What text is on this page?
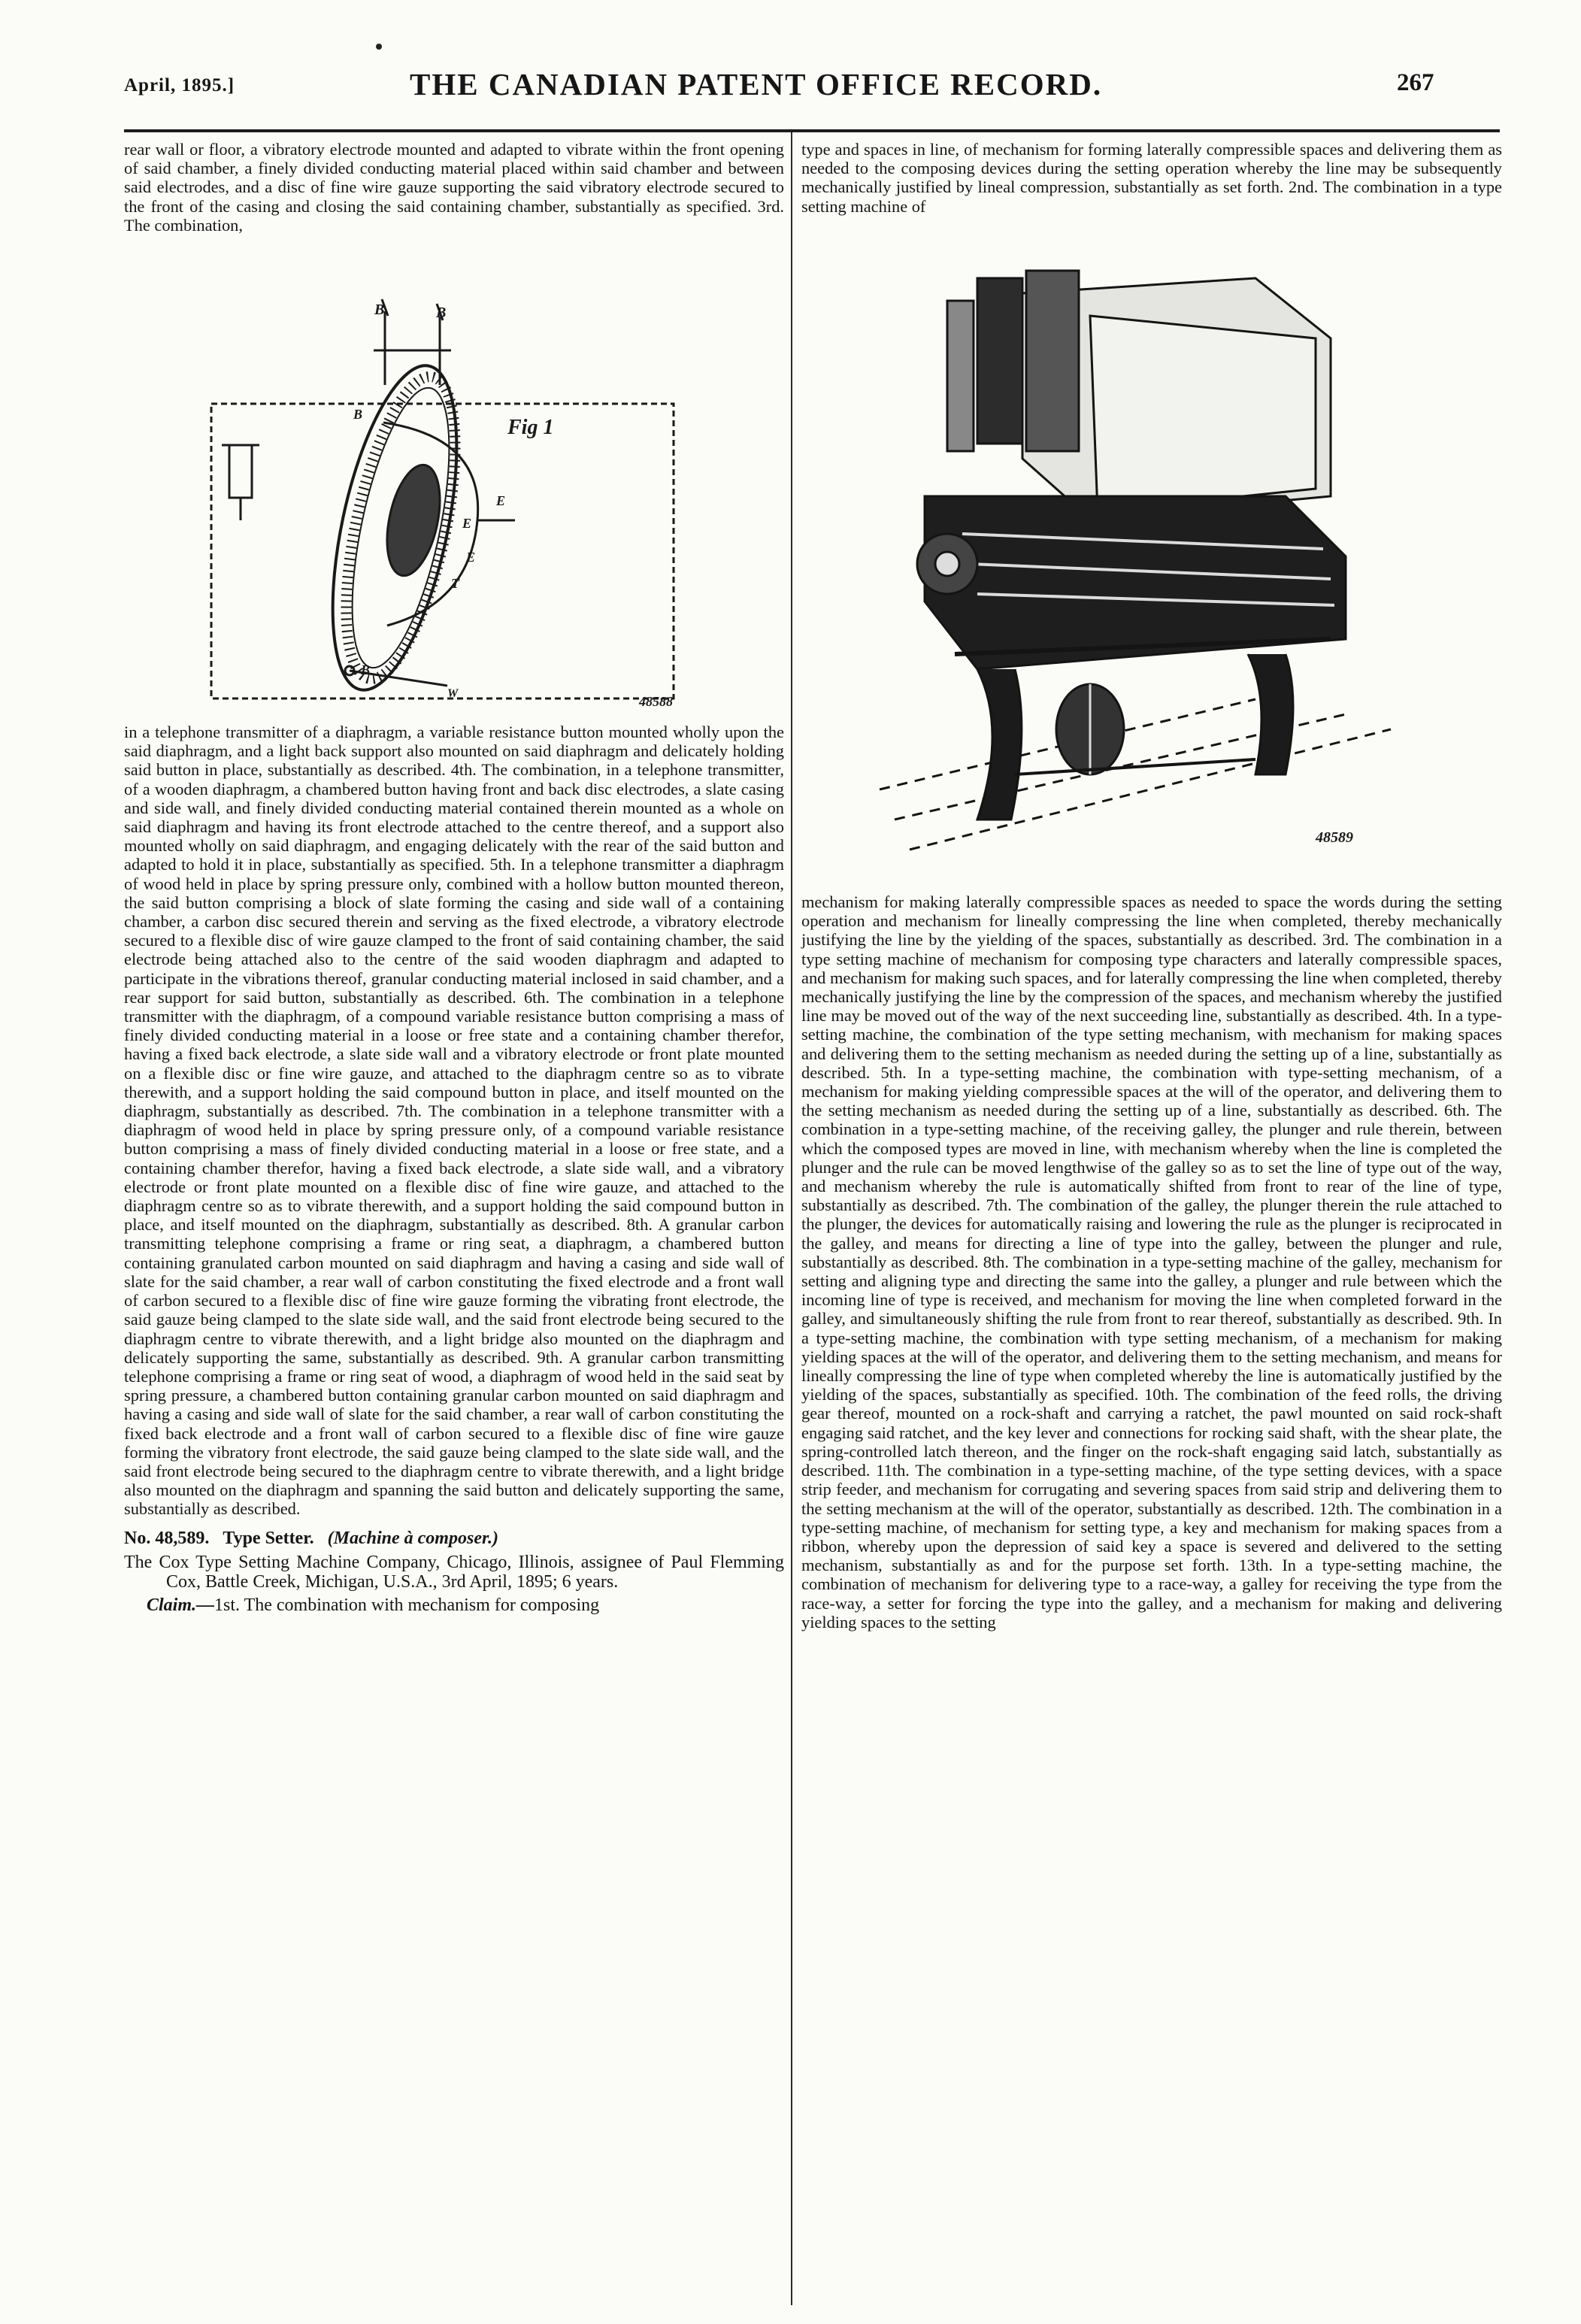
April, 1895.]	THE CANADIAN PATENT OFFICE RECORD.	267

rear wall or floor, a vibratory electrode mounted and adapted to vibrate within the front opening of said chamber, a finely divided conducting material placed within said chamber and between said electrodes, and a disc of fine wire gauze supporting the said vibratory electrode secured to the front of the casing and closing the said containing chamber, substantially as specified. 3rd. The combination,

in a telephone transmitter of a diaphragm, a variable resistance button mounted wholly upon the said diaphragm, and a light back support also mounted on said diaphragm and delicately holding said button in place, substantially as described. 4th. The combination, in a telephone transmitter, of a wooden diaphragm, a chambered button having front and back disc electrodes, a slate casing and side wall, and finely divided conducting material contained therein mounted as a whole on said diaphragm and having its front electrode attached to the centre thereof, and a support also mounted wholly on said diaphragm, and engaging delicately with the rear of the said button and adapted to hold it in place, substantially as specified. 5th. In a telephone transmitter a diaphragm of wood held in place by spring pressure only, combined with a hollow button mounted thereon, the said button comprising a block of slate forming the casing and side wall of a containing chamber, a carbon disc secured therein and serving as the fixed electrode, a vibratory electrode secured to a flexible disc of wire gauze clamped to the front of said containing chamber, the said electrode being attached also to the centre of the said wooden diaphragm and adapted to participate in the vibrations thereof, granular conducting material inclosed in said chamber, and a rear support for said button, substantially as described. 6th. The combination in a telephone transmitter with the diaphragm, of a compound variable resistance button comprising a mass of finely divided conducting material in a loose or free state and a containing chamber therefor, having a fixed back electrode, a slate side wall and a vibratory electrode or front plate mounted on a flexible disc or fine wire gauze, and attached to the diaphragm centre so as to vibrate therewith, and a support holding the said compound button in place, and itself mounted on the diaphragm, substantially as described. 7th. The combination in a telephone transmitter with a diaphragm of wood held in place by spring pressure only, of a compound variable resistance button comprising a mass of finely divided conducting material in a loose or free state, and a containing chamber therefor, having a fixed back electrode, a slate side wall, and a vibratory electrode or front plate mounted on a flexible disc of fine wire gauze, and attached to the diaphragm centre so as to vibrate therewith, and a support holding the said compound button in place, and itself mounted on the diaphragm, substantially as described. 8th. A granular carbon transmitting telephone comprising a frame or ring seat, a diaphragm, a chambered button containing granulated carbon mounted on said diaphragm and having a casing and side wall of slate for the said chamber, a rear wall of carbon constituting the fixed electrode and a front wall of carbon secured to a flexible disc of fine wire gauze forming the vibrating front electrode, the said gauze being clamped to the slate side wall, and the said front electrode being secured to the diaphragm centre to vibrate therewith, and a light bridge also mounted on the diaphragm and delicately supporting the same, substantially as described. 9th. A granular carbon transmitting telephone comprising a frame or ring seat of wood, a diaphragm of wood held in the said seat by spring pressure, a chambered button containing granular carbon mounted on said diaphragm and having a casing and side wall of slate for the said chamber, a rear wall of carbon constituting the fixed back electrode and a front wall of carbon secured to a flexible disc of fine wire gauze forming the vibratory front electrode, the said gauze being clamped to the slate side wall, and the said front electrode being secured to the diaphragm centre to vibrate therewith, and a light bridge also mounted on the diaphragm and spanning the said button and delicately supporting the same, substantially as described.

No. 48,589. Type Setter. (Machine à composer.)

The Cox Type Setting Machine Company, Chicago, Illinois, assignee of Paul Flemming Cox, Battle Creek, Michigan, U.S.A., 3rd April, 1895; 6 years.

Claim.—1st. The combination with mechanism for composing

Fig 1
B	B
B
E
E
T
W
B
E
48588

type and spaces in line, of mechanism for forming laterally compressible spaces and delivering them as needed to the composing devices during the setting operation whereby the line may be subsequently mechanically justified by lineal compression, substantially as set forth. 2nd. The combination in a type setting machine of

mechanism for making laterally compressible spaces as needed to space the words during the setting operation and mechanism for lineally compressing the line when completed, thereby mechanically justifying the line by the yielding of the spaces, substantially as described. 3rd. The combination in a type setting machine of mechanism for composing type characters and laterally compressible spaces, and mechanism for making such spaces, and for laterally compressing the line when completed, thereby mechanically justifying the line by the compression of the spaces, and mechanism whereby the justified line may be moved out of the way of the next succeeding line, substantially as described. 4th. In a type-setting machine, the combination of the type setting mechanism, with mechanism for making spaces and delivering them to the setting mechanism as needed during the setting up of a line, substantially as described. 5th. In a type-setting machine, the combination with type-setting mechanism, of a mechanism for making yielding compressible spaces at the will of the operator, and delivering them to the setting mechanism as needed during the setting up of a line, substantially as described. 6th. The combination in a type-setting machine, of the receiving galley, the plunger and rule therein, between which the composed types are moved in line, with mechanism whereby when the line is completed the plunger and the rule can be moved lengthwise of the galley so as to set the line of type out of the way, and mechanism whereby the rule is automatically shifted from front to rear of the line of type, substantially as described. 7th. The combination of the galley, the plunger therein the rule attached to the plunger, the devices for automatically raising and lowering the rule as the plunger is reciprocated in the galley, and means for directing a line of type into the galley, between the plunger and rule, substantially as described. 8th. The combination in a type-setting machine of the galley, mechanism for setting and aligning type and directing the same into the galley, a plunger and rule between which the incoming line of type is received, and mechanism for moving the line when completed forward in the galley, and simultaneously shifting the rule from front to rear thereof, substantially as described. 9th. In a type-setting machine, the combination with type setting mechanism, of a mechanism for making yielding spaces at the will of the operator, and delivering them to the setting mechanism, and means for lineally compressing the line of type when completed whereby the line is automatically justified by the yielding of the spaces, substantially as specified. 10th. The combination of the feed rolls, the driving gear thereof, mounted on a rock-shaft and carrying a ratchet, the pawl mounted on said rock-shaft engaging said ratchet, and the key lever and connections for rocking said shaft, with the shear plate, the spring-controlled latch thereon, and the finger on the rock-shaft engaging said latch, substantially as described. 11th. The combination in a type-setting machine, of the type setting devices, with a space strip feeder, and mechanism for corrugating and severing spaces from said strip and delivering them to the setting mechanism at the will of the operator, substantially as described. 12th. The combination in a type-setting machine, of mechanism for setting type, a key and mechanism for making spaces from a ribbon, whereby upon the depression of said key a space is severed and delivered to the setting mechanism, substantially as and for the purpose set forth. 13th. In a type-setting machine, the combination of mechanism for delivering type to a race-way, a galley for receiving the type from the race-way, a setter for forcing the type into the galley, and a mechanism for making and delivering yielding spaces to the setting

48589
